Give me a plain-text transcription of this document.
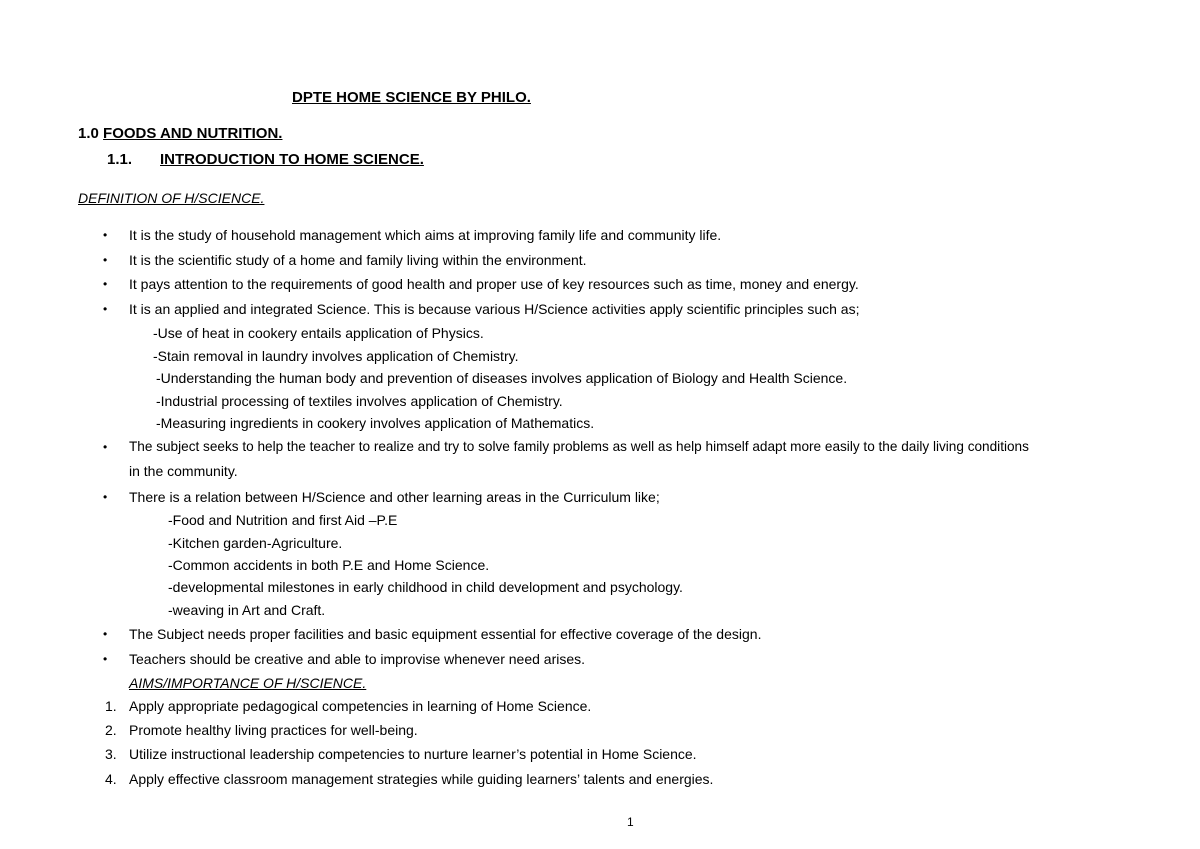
DPTE HOME SCIENCE BY PHILO.
1.0 FOODS AND NUTRITION.
1.1. INTRODUCTION TO HOME SCIENCE.
DEFINITION OF H/SCIENCE.
• It is the study of household management which aims at improving family life and community life.
• It is the scientific study of a home and family living within the environment.
• It pays attention to the requirements of good health and proper use of key resources such as time, money and energy.
• It is an applied and integrated Science. This is because various H/Science activities apply scientific principles such as;
-Use of heat in cookery entails application of Physics.
-Stain removal in laundry involves application of Chemistry.
-Understanding the human body and prevention of diseases involves application of Biology and Health Science.
-Industrial processing of textiles involves application of Chemistry.
-Measuring ingredients in cookery involves application of Mathematics.
• The subject seeks to help the teacher to realize and try to solve family problems as well as help himself adapt more easily to the daily living conditions
in the community.
• There is a relation between H/Science and other learning areas in the Curriculum like;
-Food and Nutrition and first Aid –P.E
-Kitchen garden-Agriculture.
-Common accidents in both P.E and Home Science.
-developmental milestones in early childhood in child development and psychology.
-weaving in Art and Craft.
• The Subject needs proper facilities and basic equipment essential for effective coverage of the design.
• Teachers should be creative and able to improvise whenever need arises.
AIMS/IMPORTANCE OF H/SCIENCE.
1. Apply appropriate pedagogical competencies in learning of Home Science.
2. Promote healthy living practices for well-being.
3. Utilize instructional leadership competencies to nurture learner’s potential in Home Science.
4. Apply effective classroom management strategies while guiding learners’ talents and energies.
1
